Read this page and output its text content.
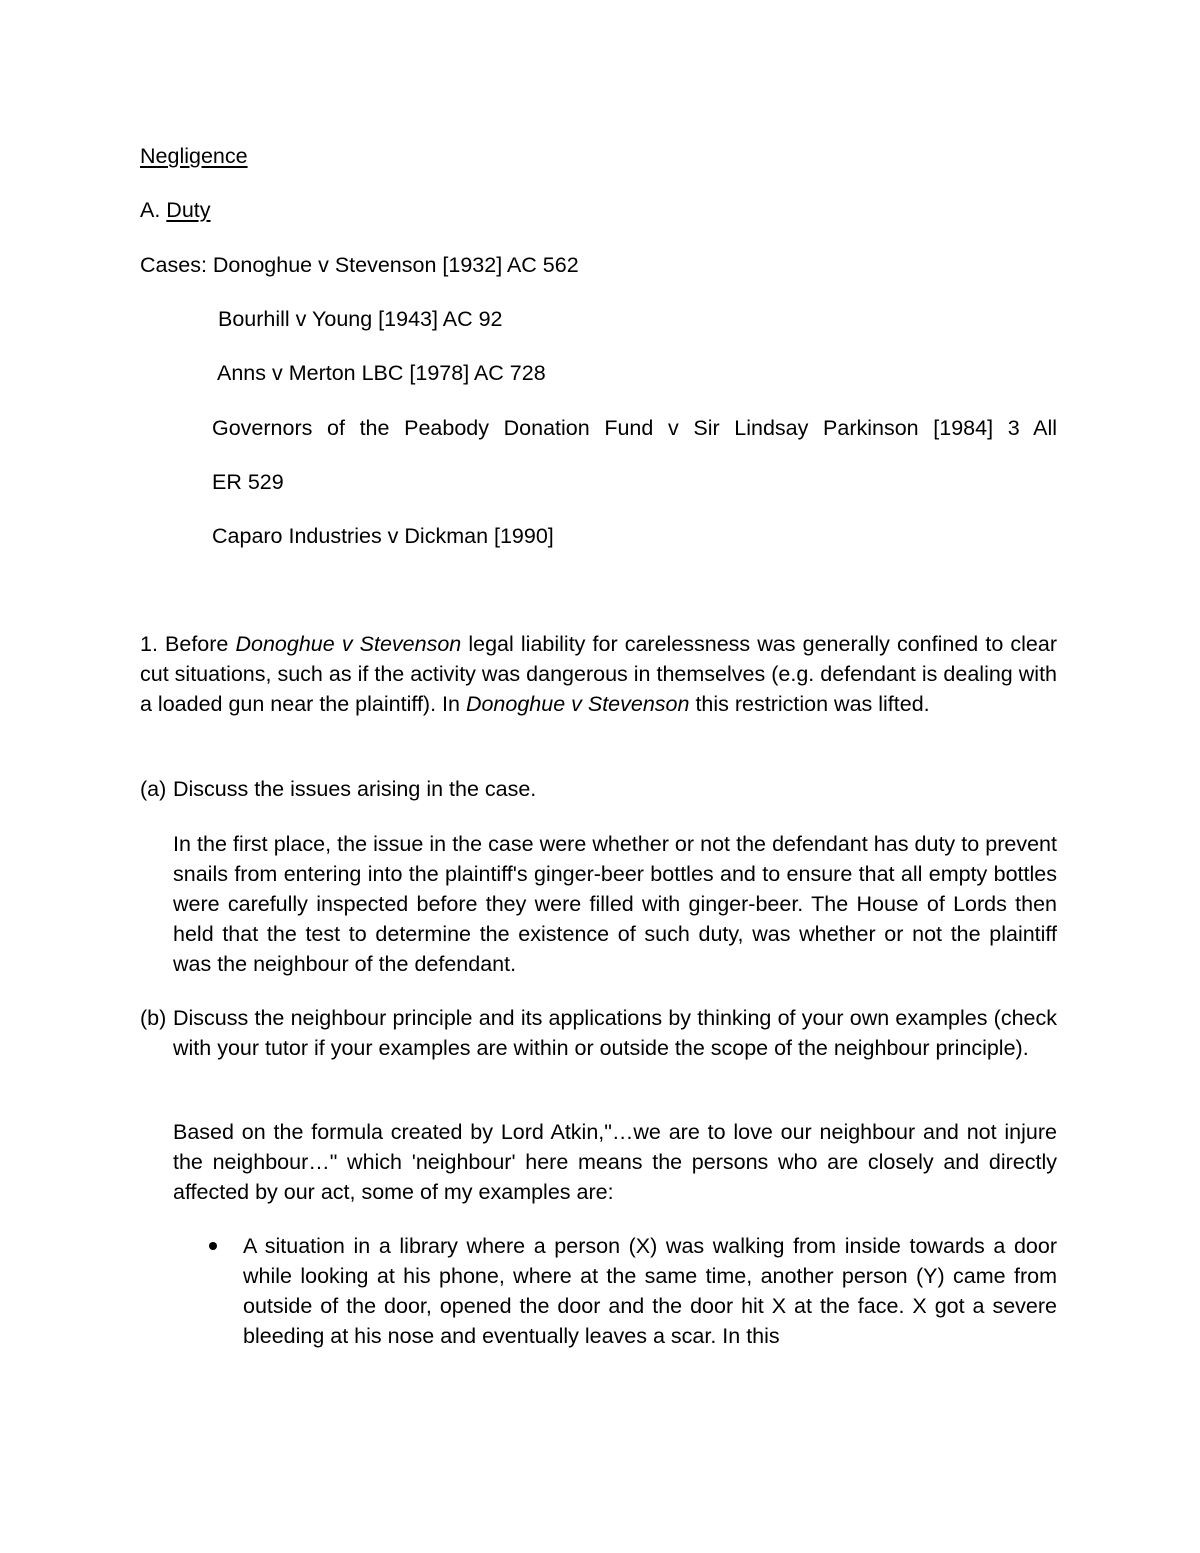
Negligence
A. Duty
Cases: Donoghue v Stevenson [1932] AC 562
Bourhill v Young [1943] AC 92
Anns v Merton LBC [1978] AC 728
Governors of the Peabody Donation Fund v Sir Lindsay Parkinson [1984] 3 All
ER 529
Caparo Industries v Dickman [1990]

1. Before Donoghue v Stevenson legal liability for carelessness was generally confined to clear cut situations, such as if the activity was dangerous in themselves (e.g. defendant is dealing with a loaded gun near the plaintiff). In Donoghue v Stevenson this restriction was lifted.

(a) Discuss the issues arising in the case.
In the first place, the issue in the case were whether or not the defendant has duty to prevent snails from entering into the plaintiff's ginger-beer bottles and to ensure that all empty bottles were carefully inspected before they were filled with ginger-beer. The House of Lords then held that the test to determine the existence of such duty, was whether or not the plaintiff was the neighbour of the defendant.
(b) Discuss the neighbour principle and its applications by thinking of your own examples (check with your tutor if your examples are within or outside the scope of the neighbour principle).
Based on the formula created by Lord Atkin,"…we are to love our neighbour and not injure the neighbour…" which 'neighbour' here means the persons who are closely and directly affected by our act, some of my examples are:
A situation in a library where a person (X) was walking from inside towards a door while looking at his phone, where at the same time, another person (Y) came from outside of the door, opened the door and the door hit X at the face. X got a severe bleeding at his nose and eventually leaves a scar. In this
